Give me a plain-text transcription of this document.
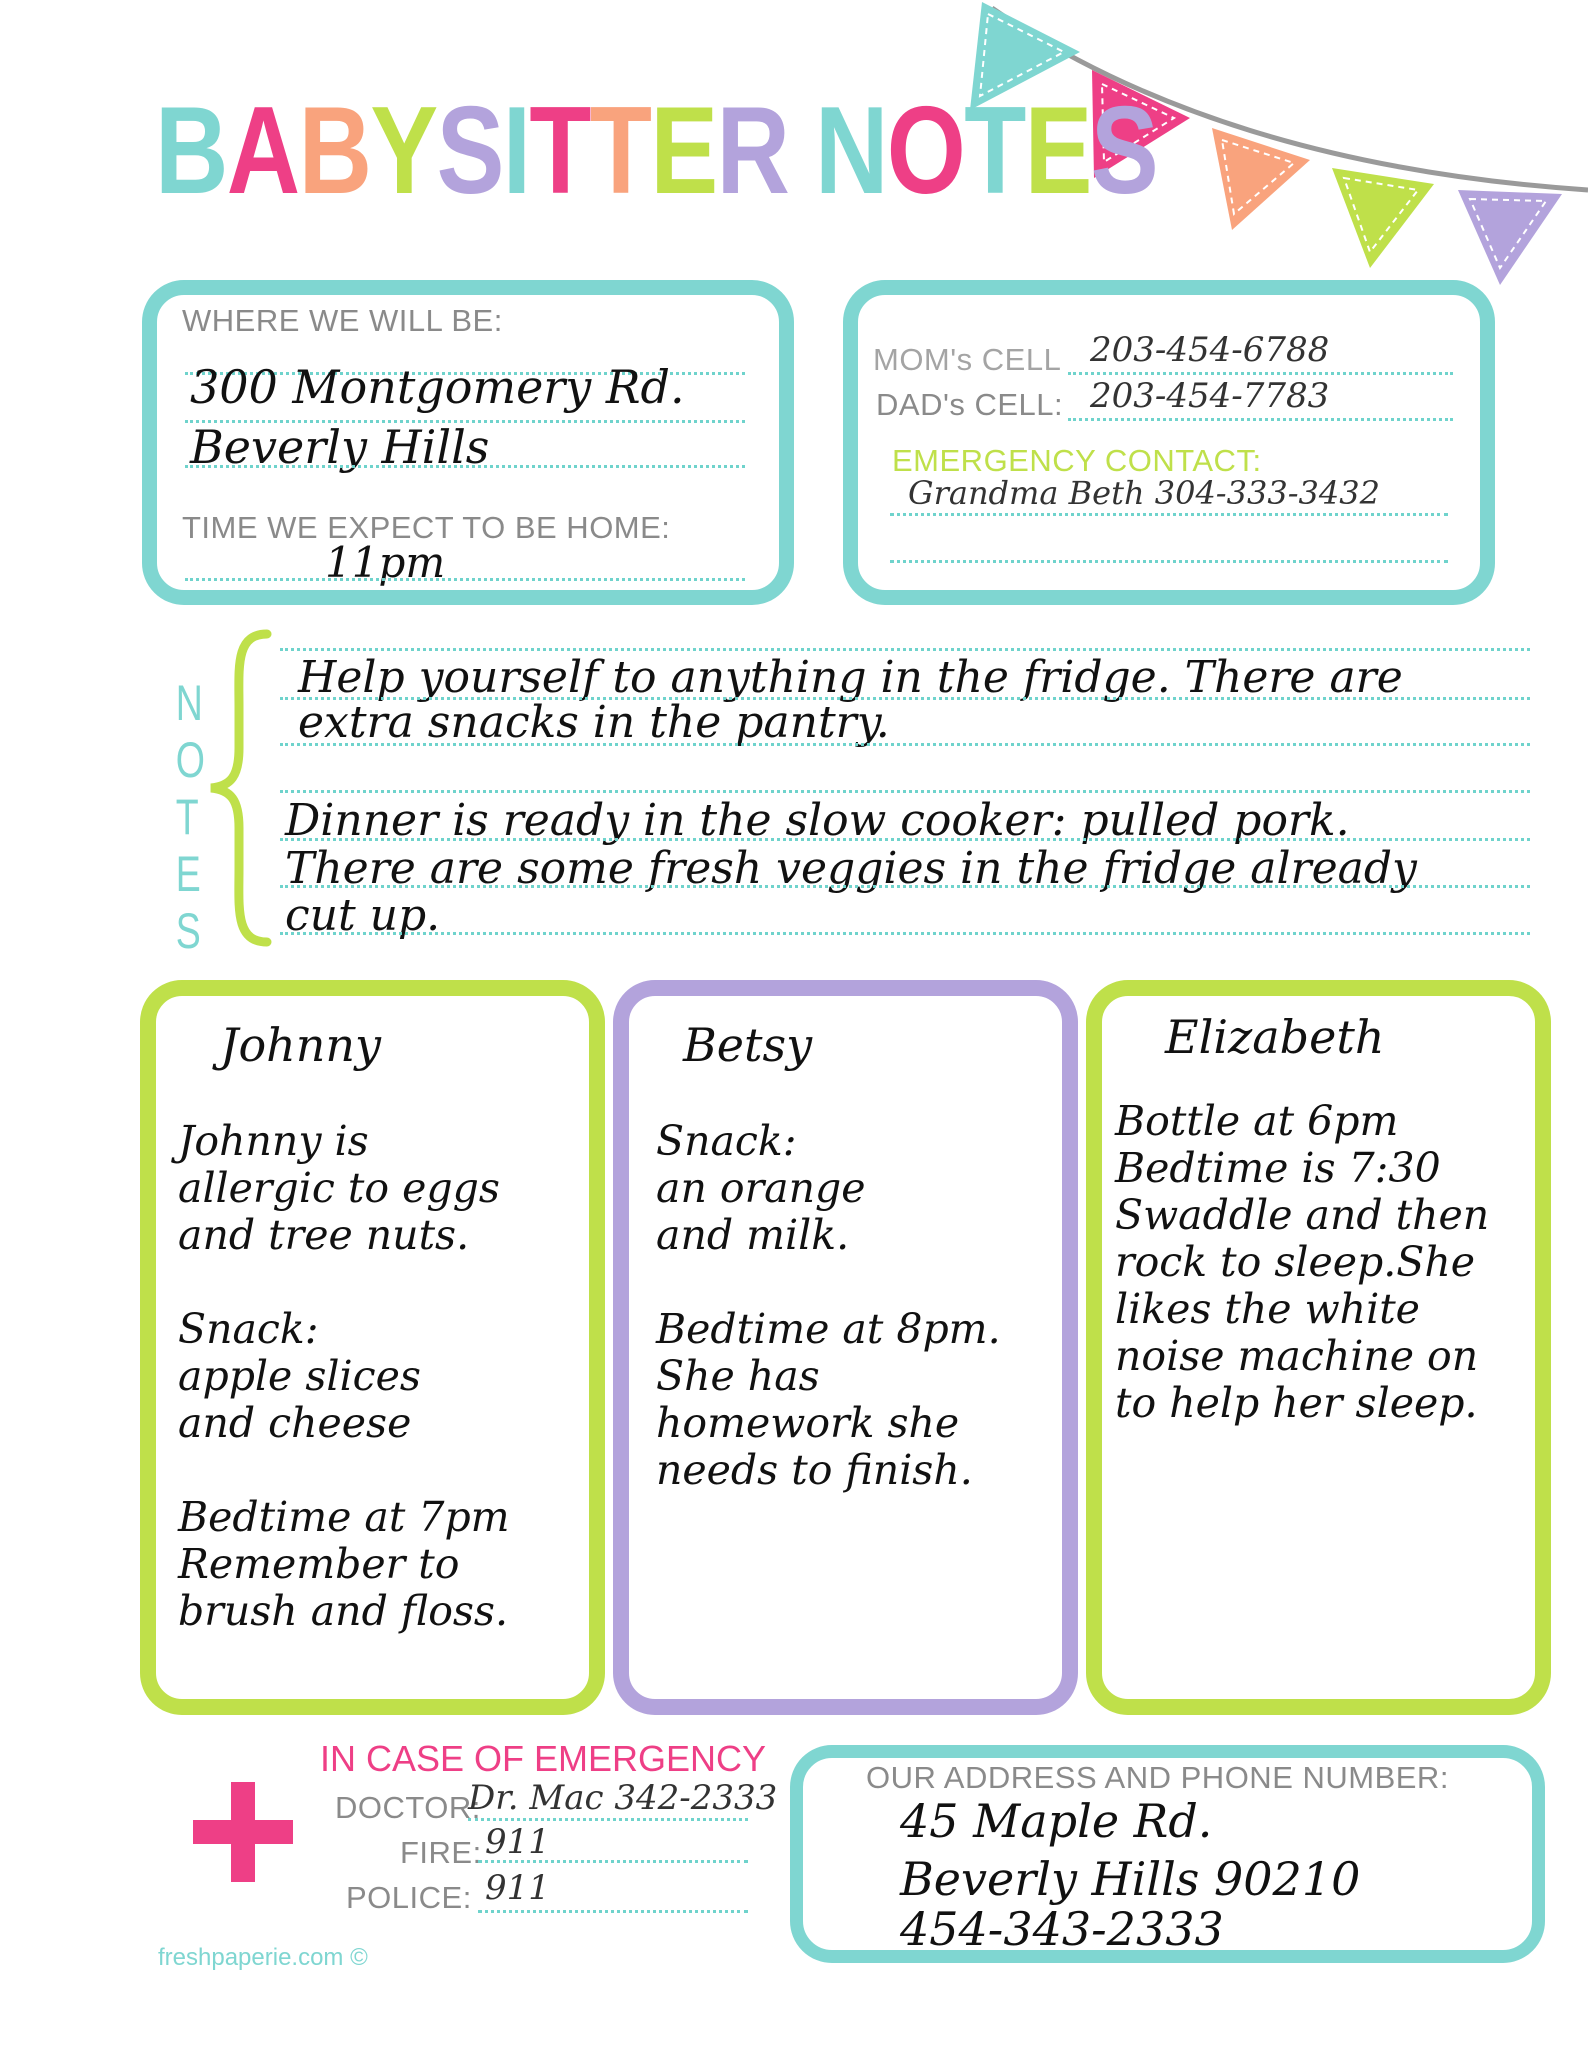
BABYSITTER NOTES
WHERE WE WILL BE:
300 Montgomery Rd.
Beverly Hills
TIME WE EXPECT TO BE HOME:
11pm
MOM's CELL 203-454-6788
DAD's CELL: 203-454-7783
EMERGENCY CONTACT:
Grandma Beth 304-333-3432
NOTES
Help yourself to anything in the fridge. There are
extra snacks in the pantry.
Dinner is ready in the slow cooker: pulled pork.
There are some fresh veggies in the fridge already
cut up.
Johnny
Johnny is
allergic to eggs
and tree nuts.

Snack:
apple slices
and cheese

Bedtime at 7pm
Remember to
brush and floss.
Betsy
Snack:
an orange
and milk.

Bedtime at 8pm.
She has
homework she
needs to finish.
Elizabeth
Bottle at 6pm
Bedtime is 7:30
Swaddle and then
rock to sleep.She
likes the white
noise machine on
to help her sleep.
IN CASE OF EMERGENCY
DOCTOR:
Dr. Mac 342-2333
FIRE: 911
POLICE: 911
OUR ADDRESS AND PHONE NUMBER:
45 Maple Rd.
Beverly Hills 90210
454-343-2333
freshpaperie.com ©
